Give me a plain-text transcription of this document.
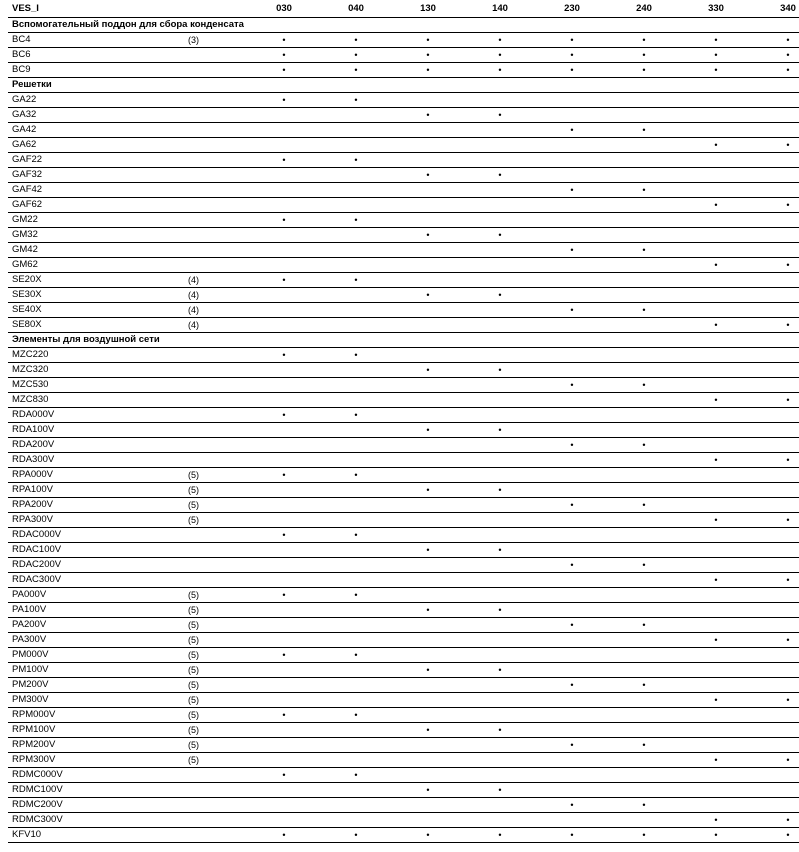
VES_I		030	040	130	140	230	240	330	340
Вспомогательный поддон для сбора конденсата									
BC4	(3)	•	•	•	•	•	•	•	•
BC6		•	•	•	•	•	•	•	•
BC9		•	•	•	•	•	•	•	•
Решетки									
GA22		•	•						
GA32				•	•				
GA42						•	•		
GA62								•	•
GAF22		•	•						
GAF32				•	•				
GAF42						•	•		
GAF62								•	•
GM22		•	•						
GM32				•	•				
GM42						•	•		
GM62								•	•
SE20X	(4)	•	•						
SE30X	(4)			•	•				
SE40X	(4)					•	•		
SE80X	(4)							•	•
Элементы для воздушной сети									
MZC220		•	•						
MZC320				•	•				
MZC530						•	•		
MZC830								•	•
RDA000V		•	•						
RDA100V				•	•				
RDA200V						•	•		
RDA300V								•	•
RPA000V	(5)	•	•						
RPA100V	(5)			•	•				
RPA200V	(5)					•	•		
RPA300V	(5)							•	•
RDAC000V		•	•						
RDAC100V				•	•				
RDAC200V						•	•		
RDAC300V								•	•
PA000V	(5)	•	•						
PA100V	(5)			•	•				
PA200V	(5)					•	•		
PA300V	(5)							•	•
PM000V	(5)	•	•						
PM100V	(5)			•	•				
PM200V	(5)					•	•		
PM300V	(5)							•	•
RPM000V	(5)	•	•						
RPM100V	(5)			•	•				
RPM200V	(5)					•	•		
RPM300V	(5)							•	•
RDMC000V		•	•						
RDMC100V				•	•				
RDMC200V						•	•		
RDMC300V								•	•
KFV10		•	•	•	•	•	•	•	•
